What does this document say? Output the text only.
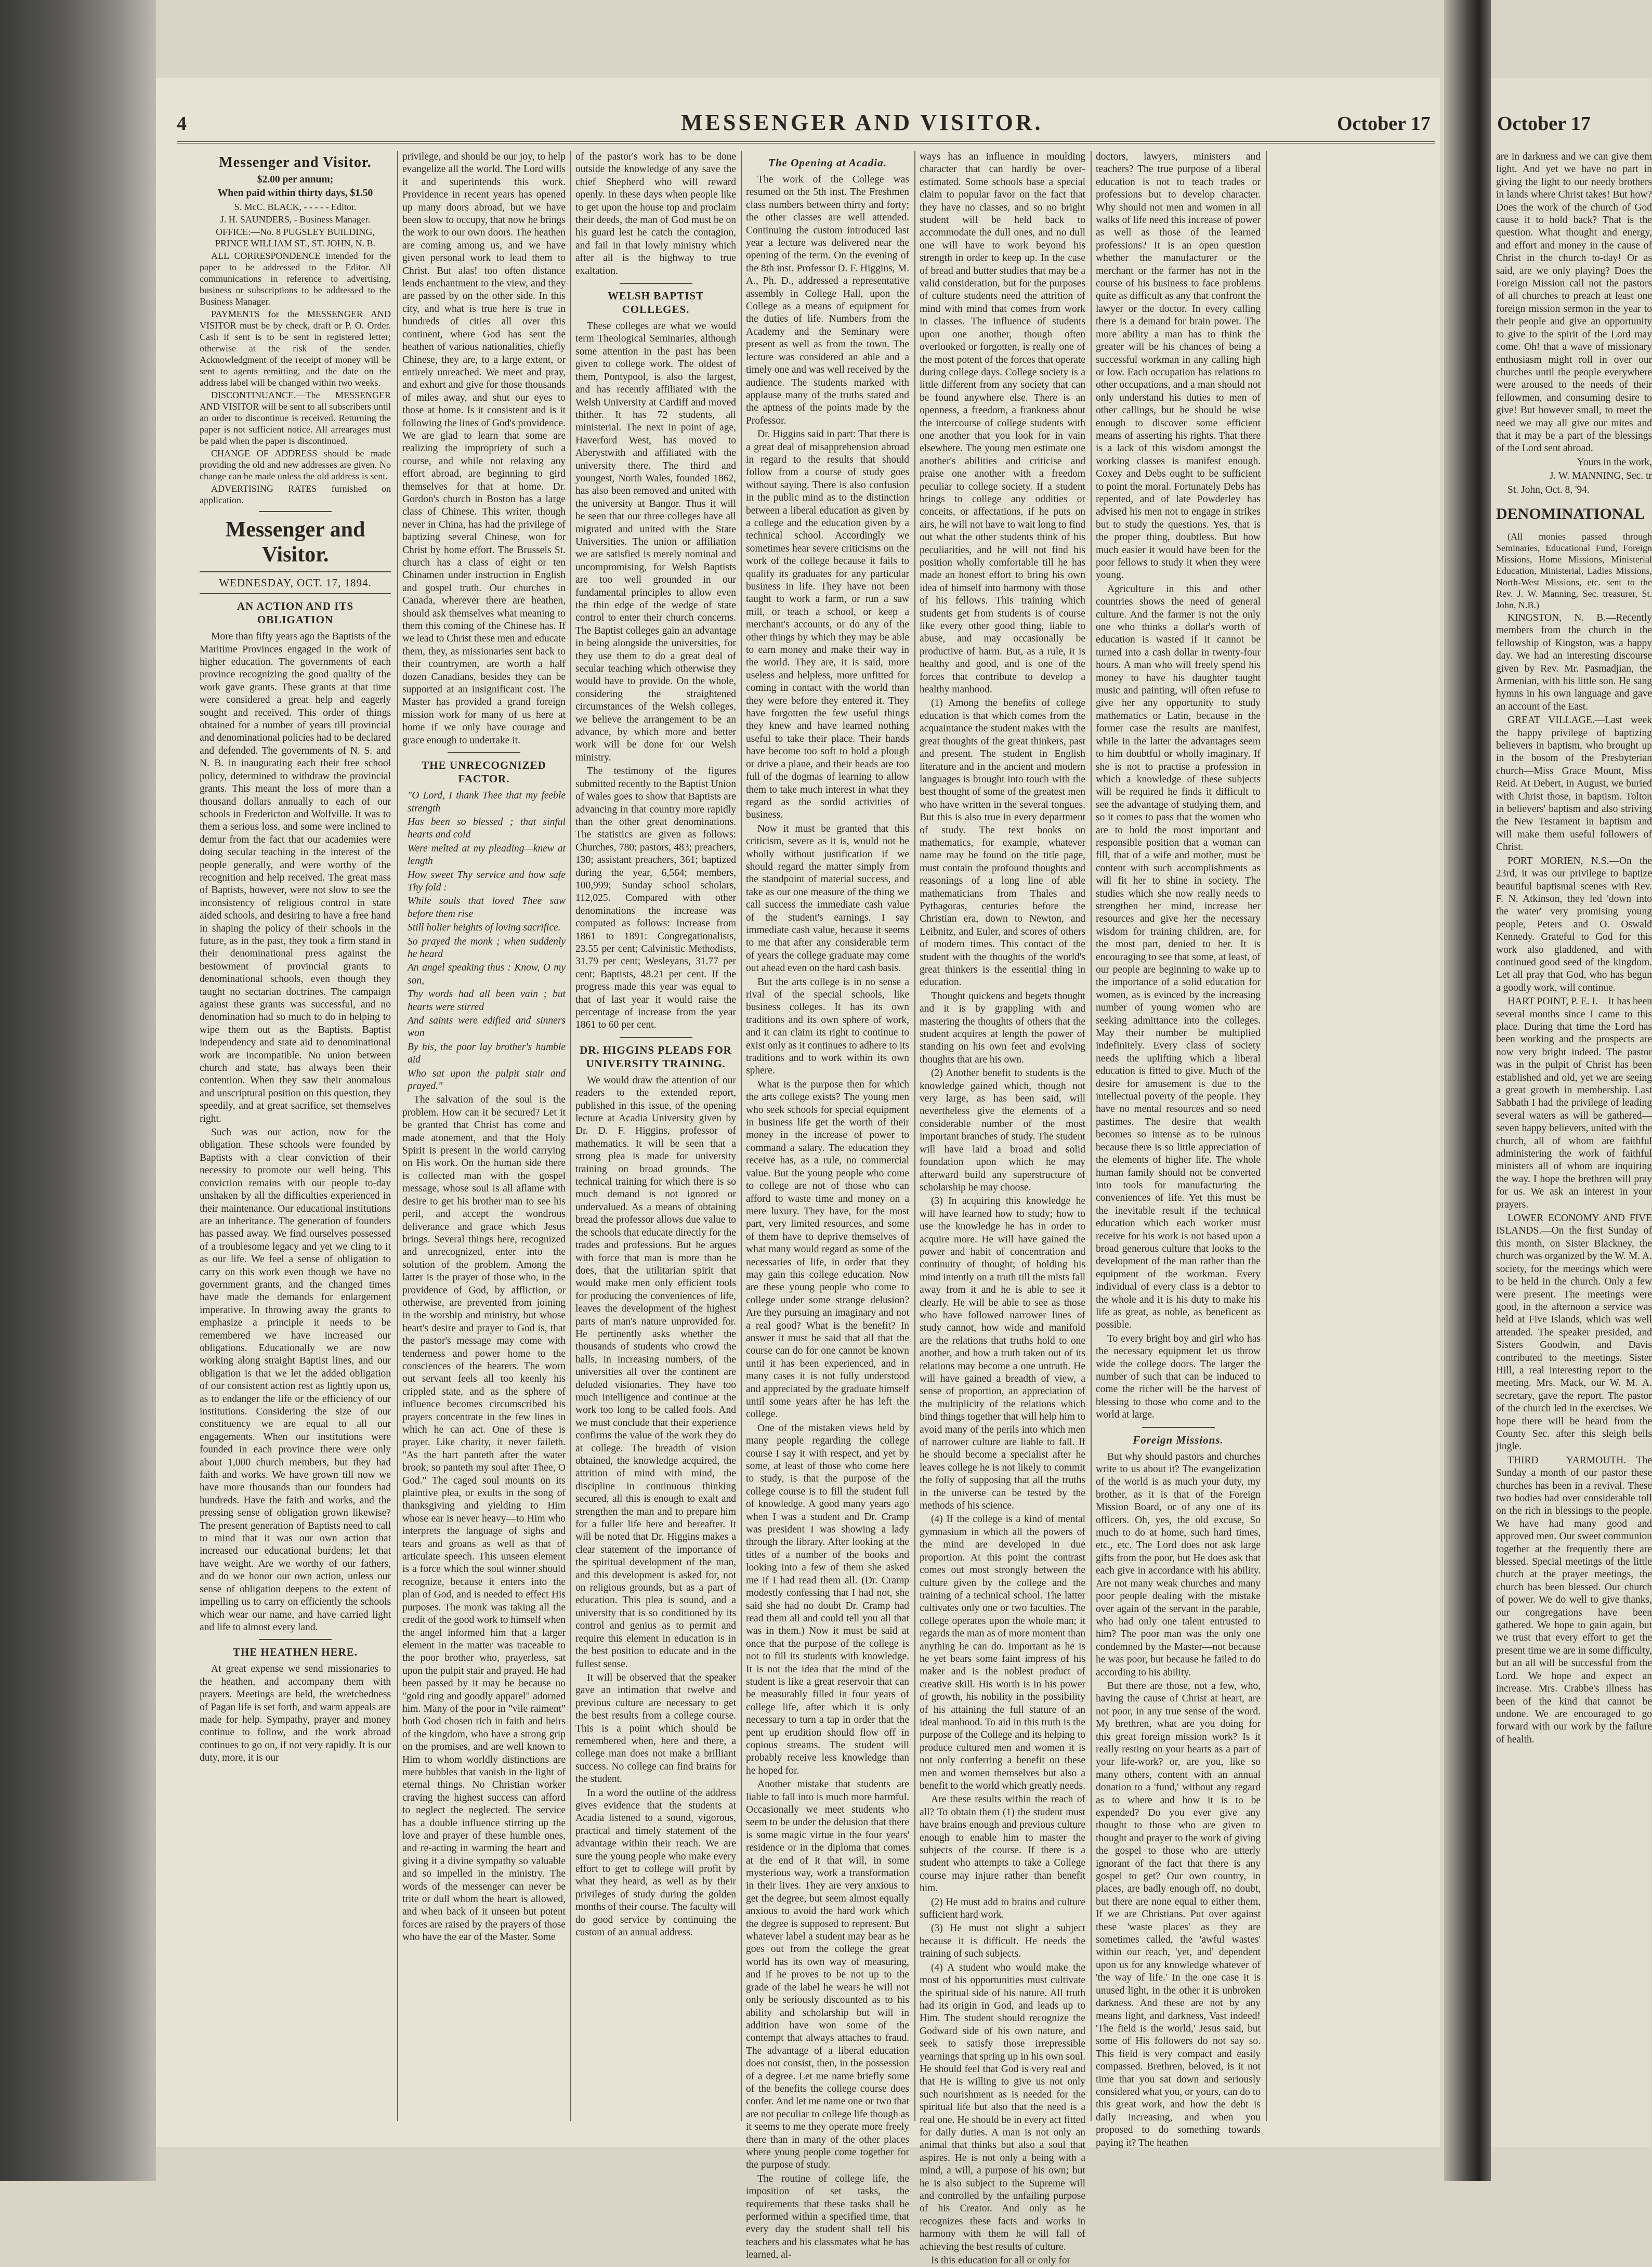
4	MESSENGER AND VISITOR.	October 17
Messenger and Visitor.

$2.00 per annum;

When paid within thirty days, $1.50

S. McC. BLACK, - - - - - Editor.

J. H. SAUNDERS, - Business Manager.

OFFICE:—No. 8 PUGSLEY BUILDING, PRINCE WILLIAM ST., ST. JOHN, N. B.

ALL CORRESPONDENCE intended for the paper to be addressed to the Editor. All communications in reference to advertising, business or subscriptions to be addressed to the Business Manager.

PAYMENTS for the MESSENGER AND VISITOR must be by check, draft or P. O. Order. Cash if sent is to be sent in registered letter; otherwise at the risk of the sender. Acknowledgment of the receipt of money will be sent to agents remitting, and the date on the address label will be changed within two weeks.

DISCONTINUANCE.—The MESSENGER AND VISITOR will be sent to all subscribers until an order to discontinue is received. Returning the paper is not sufficient notice. All arrearages must be paid when the paper is discontinued.

CHANGE OF ADDRESS should be made providing the old and new addresses are given. No change can be made unless the old address is sent.

ADVERTISING RATES furnished on application.

Messenger and Visitor.
WEDNESDAY, OCT. 17, 1894.
AN ACTION AND ITS OBLIGATION

More than fifty years ago the Baptists of the Maritime Provinces engaged in the work of higher education. The governments of each province recognizing the good quality of the work gave grants. These grants at that time were considered a great help and eagerly sought and received. This order of things obtained for a number of years till provincial and denominational policies had to be declared and defended. The governments of N. S. and N. B. in inaugurating each their free school policy, determined to withdraw the provincial grants. This meant the loss of more than a thousand dollars annually to each of our schools in Fredericton and Wolfville. It was to them a serious loss, and some were inclined to demur from the fact that our academies were doing secular teaching in the interest of the people generally, and were worthy of the recognition and help received. The great mass of Baptists, however, were not slow to see the inconsistency of religious control in state aided schools, and desiring to have a free hand in shaping the policy of their schools in the future, as in the past, they took a firm stand in their denominational press against the bestowment of provincial grants to denominational schools, even though they taught no sectarian doctrines. The campaign against these grants was successful, and no denomination had so much to do in helping to wipe them out as the Baptists. Baptist independency and state aid to denominational work are incompatible. No union between church and state, has always been their contention. When they saw their anomalous and unscriptural position on this question, they speedily, and at great sacrifice, set themselves right.

Such was our action, now for the obligation. These schools were founded by Baptists with a clear conviction of their necessity to promote our well being. This conviction remains with our people to-day unshaken by all the difficulties experienced in their maintenance. Our educational institutions are an inheritance. The generation of founders has passed away. We find ourselves possessed of a troublesome legacy and yet we cling to it as our life. We feel a sense of obligation to carry on this work even though we have no government grants, and the changed times have made the demands for enlargement imperative. In throwing away the grants to emphasize a principle it needs to be remembered we have increased our obligations. Educationally we are now working along straight Baptist lines, and our obligation is that we let the added obligation of our consistent action rest as lightly upon us, as to endanger the life or the efficiency of our institutions. Considering the size of our constituency we are equal to all our engagements. When our institutions were founded in each province there were only about 1,000 church members, but they had faith and works. We have grown till now we have more thousands than our founders had hundreds. Have the faith and works, and the pressing sense of obligation grown likewise? The present generation of Baptists need to call to mind that it was our own action that increased our educational burdens; let that have weight. Are we worthy of our fathers, and do we honor our own action, unless our sense of obligation deepens to the extent of impelling us to carry on efficiently the schools which wear our name, and have carried light and life to almost every land.

THE HEATHEN HERE.

At great expense we send missionaries to the heathen, and accompany them with prayers. Meetings are held, the wretchedness of Pagan life is set forth, and warm appeals are made for help. Sympathy, prayer and money continue to follow, and the work abroad continues to go on, if not very rapidly. It is our duty, more, it is our

privilege, and should be our joy, to help evangelize all the world. The Lord wills it and superintends this work. Providence in recent years has opened up many doors abroad, but we have been slow to occupy, that now he brings the work to our own doors. The heathen are coming among us, and we have given personal work to lead them to Christ. But alas! too often distance lends enchantment to the view, and they are passed by on the other side. In this city, and what is true here is true in hundreds of cities all over this continent, where God has sent the heathen of various nationalities, chiefly Chinese, they are, to a large extent, or entirely unreached. We meet and pray, and exhort and give for those thousands of miles away, and shut our eyes to those at home. Is it consistent and is it following the lines of God's providence. We are glad to learn that some are realizing the impropriety of such a course, and while not relaxing any effort abroad, are beginning to gird themselves for that at home. Dr. Gordon's church in Boston has a large class of Chinese. This writer, though never in China, has had the privilege of baptizing several Chinese, won for Christ by home effort. The Brussels St. church has a class of eight or ten Chinamen under instruction in English and gospel truth. Our churches in Canada, wherever there are heathen, should ask themselves what meaning to them this coming of the Chinese has. If we lead to Christ these men and educate them, they, as missionaries sent back to their countrymen, are worth a half dozen Canadians, besides they can be supported at an insignificant cost. The Master has provided a grand foreign mission work for many of us here at home if we only have courage and grace enough to undertake it.

THE UNRECOGNIZED FACTOR.

"O Lord, I thank Thee that my feeble strength

Has been so blessed ; that sinful hearts and cold

Were melted at my pleading—knew at length

How sweet Thy service and how safe Thy fold :

While souls that loved Thee saw before them rise

Still holier heights of loving sacrifice.

So prayed the monk ; when suddenly he heard

An angel speaking thus : Know, O my son,

Thy words had all been vain ; but hearts were stirred

And saints were edified and sinners won

By his, the poor lay brother's humble aid

Who sat upon the pulpit stair and prayed."

The salvation of the soul is the problem. How can it be secured? Let it be granted that Christ has come and made atonement, and that the Holy Spirit is present in the world carrying on His work. On the human side there is collected man with the gospel message, whose soul is all aflame with desire to get his brother man to see his peril, and accept the wondrous deliverance and grace which Jesus brings. Several things here, recognized and unrecognized, enter into the solution of the problem. Among the latter is the prayer of those who, in the providence of God, by affliction, or otherwise, are prevented from joining in the worship and ministry, but whose heart's desire and prayer to God is, that the pastor's message may come with tenderness and power home to the consciences of the hearers. The worn out servant feels all too keenly his crippled state, and as the sphere of influence becomes circumscribed his prayers concentrate in the few lines in which he can act. One of these is prayer. Like charity, it never faileth. "As the hart panteth after the water brook, so panteth my soul after Thee, O God." The caged soul mounts on its plaintive plea, or exults in the song of thanksgiving and yielding to Him whose ear is never heavy—to Him who interprets the language of sighs and tears and groans as well as that of articulate speech. This unseen element is a force which the soul winner should recognize, because it enters into the plan of God, and is needed to effect His purposes. The monk was taking all the credit of the good work to himself when the angel informed him that a larger element in the matter was traceable to the poor brother who, prayerless, sat upon the pulpit stair and prayed. He had been passed by it may be because no "gold ring and goodly apparel" adorned him. Many of the poor in "vile raiment" both God chosen rich in faith and heirs of the kingdom, who have a strong grip on the promises, and are well known to Him to whom worldly distinctions are mere bubbles that vanish in the light of eternal things. No Christian worker craving the highest success can afford to neglect the neglected. The service has a double influence stirring up the love and prayer of these humble ones, and re-acting in warming the heart and giving it a divine sympathy so valuable and so impelled in the ministry. The words of the messenger can never be trite or dull whom the heart is allowed, and when back of it unseen but potent forces are raised by the prayers of those who have the ear of the Master. Some

of the pastor's work has to be done outside the knowledge of any save the chief Shepherd who will reward openly. In these days when people like to get upon the house top and proclaim their deeds, the man of God must be on his guard lest he catch the contagion, and fail in that lowly ministry which after all is the highway to true exaltation.

WELSH BAPTIST COLLEGES.

These colleges are what we would term Theological Seminaries, although some attention in the past has been given to college work. The oldest of them, Pontypool, is also the largest, and has recently affiliated with the Welsh University at Cardiff and moved thither. It has 72 students, all ministerial. The next in point of age, Haverford West, has moved to Aberystwith and affiliated with the university there. The third and youngest, North Wales, founded 1862, has also been removed and united with the university at Bangor. Thus it will be seen that our three colleges have all migrated and united with the State Universities. The union or affiliation we are satisfied is merely nominal and uncompromising, for Welsh Baptists are too well grounded in our fundamental principles to allow even the thin edge of the wedge of state control to enter their church concerns. The Baptist colleges gain an advantage in being alongside the universities, for they use them to do a great deal of secular teaching which otherwise they would have to provide. On the whole, considering the straightened circumstances of the Welsh colleges, we believe the arrangement to be an advance, by which more and better work will be done for our Welsh ministry.

The testimony of the figures submitted recently to the Baptist Union of Wales goes to show that Baptists are advancing in that country more rapidly than the other great denominations. The statistics are given as follows: Churches, 780; pastors, 483; preachers, 130; assistant preachers, 361; baptized during the year, 6,564; members, 100,999; Sunday school scholars, 112,025. Compared with other denominations the increase was computed as follows: Increase from 1861 to 1891: Congregationalists, 23.55 per cent; Calvinistic Methodists, 31.79 per cent; Wesleyans, 31.77 per cent; Baptists, 48.21 per cent. If the progress made this year was equal to that of last year it would raise the percentage of increase from the year 1861 to 60 per cent.

DR. HIGGINS PLEADS FOR UNIVERSITY TRAINING.

We would draw the attention of our readers to the extended report, published in this issue, of the opening lecture at Acadia University given by Dr. D. F. Higgins, professor of mathematics. It will be seen that a strong plea is made for university training on broad grounds. The technical training for which there is so much demand is not ignored or undervalued. As a means of obtaining bread the professor allows due value to the schools that educate directly for the trades and professions. But he argues with force that man is more than he does, that the utilitarian spirit that would make men only efficient tools for producing the conveniences of life, leaves the development of the highest parts of man's nature unprovided for. He pertinently asks whether the thousands of students who crowd the halls, in increasing numbers, of the universities all over the continent are deluded visionaries. They have too much intelligence and continue at the work too long to be called fools. And we must conclude that their experience confirms the value of the work they do at college. The breadth of vision obtained, the knowledge acquired, the attrition of mind with mind, the discipline in continuous thinking secured, all this is enough to exalt and strengthen the man and to prepare him for a fuller life here and hereafter. It will be noted that Dr. Higgins makes a clear statement of the importance of the spiritual development of the man, and this development is asked for, not on religious grounds, but as a part of education. This plea is sound, and a university that is so conditioned by its control and genius as to permit and require this element in education is in the best position to educate and in the fullest sense.

It will be observed that the speaker gave an intimation that twelve and previous culture are necessary to get the best results from a college course. This is a point which should be remembered when, here and there, a college man does not make a brilliant success. No college can find brains for the student.

In a word the outline of the address gives evidence that the students at Acadia listened to a sound, vigorous, practical and timely statement of the advantage within their reach. We are sure the young people who make every effort to get to college will profit by what they heard, as well as by their privileges of study during the golden months of their course. The faculty will do good service by continuing the custom of an annual address.

The Opening at Acadia.

The work of the College was resumed on the 5th inst. The Freshmen class numbers between thirty and forty; the other classes are well attended. Continuing the custom introduced last year a lecture was delivered near the opening of the term. On the evening of the 8th inst. Professor D. F. Higgins, M. A., Ph. D., addressed a representative assembly in College Hall, upon the College as a means of equipment for the duties of life. Numbers from the Academy and the Seminary were present as well as from the town. The lecture was considered an able and a timely one and was well received by the audience. The students marked with applause many of the truths stated and the aptness of the points made by the Professor.

Dr. Higgins said in part: That there is a great deal of misapprehension abroad in regard to the results that should follow from a course of study goes without saying. There is also confusion in the public mind as to the distinction between a liberal education as given by a college and the education given by a technical school. Accordingly we sometimes hear severe criticisms on the work of the college because it fails to qualify its graduates for any particular business in life. They have not been taught to work a farm, or run a saw mill, or teach a school, or keep a merchant's accounts, or do any of the other things by which they may be able to earn money and make their way in the world. They are, it is said, more useless and helpless, more unfitted for coming in contact with the world than they were before they entered it. They have forgotten the few useful things they knew and have learned nothing useful to take their place. Their hands have become too soft to hold a plough or drive a plane, and their heads are too full of the dogmas of learning to allow them to take much interest in what they regard as the sordid activities of business.

Now it must be granted that this criticism, severe as it is, would not be wholly without justification if we should regard the matter simply from the standpoint of material success, and take as our one measure of the thing we call success the immediate cash value of the student's earnings. I say immediate cash value, because it seems to me that after any considerable term of years the college graduate may come out ahead even on the hard cash basis.

But the arts college is in no sense a rival of the special schools, like business colleges. It has its own traditions and its own sphere of work, and it can claim its right to continue to exist only as it continues to adhere to its traditions and to work within its own sphere.

What is the purpose then for which the arts college exists? The young men who seek schools for special equipment in business life get the worth of their money in the increase of power to command a salary. The education they receive has, as a rule, no commercial value. But the young people who come to college are not of those who can afford to waste time and money on a mere luxury. They have, for the most part, very limited resources, and some of them have to deprive themselves of what many would regard as some of the necessaries of life, in order that they may gain this college education. Now are these young people who come to college under some strange delusion? Are they pursuing an imaginary and not a real good? What is the benefit? In answer it must be said that all that the course can do for one cannot be known until it has been experienced, and in many cases it is not fully understood and appreciated by the graduate himself until some years after he has left the college.

One of the mistaken views held by many people regarding the college course I say it with respect, and yet by some, at least of those who come here to study, is that the purpose of the college course is to fill the student full of knowledge. A good many years ago when I was a student and Dr. Cramp was president I was showing a lady through the library. After looking at the titles of a number of the books and looking into a few of them she asked me if I had read them all. (Dr. Cramp modestly confessing that I had not, she said she had no doubt Dr. Cramp had read them all and could tell you all that was in them.) Now it must be said at once that the purpose of the college is not to fill its students with knowledge. It is not the idea that the mind of the student is like a great reservoir that can be measurably filled in four years of college life, after which it is only necessary to turn a tap in order that the pent up erudition should flow off in copious streams. The student will probably receive less knowledge than he hoped for.

Another mistake that students are liable to fall into is much more harmful. Occasionally we meet students who seem to be under the delusion that there is some magic virtue in the four years' residence or in the diploma that comes at the end of it that will, in some mysterious way, work a transformation in their lives. They are very anxious to get the degree, but seem almost equally anxious to avoid the hard work which the degree is supposed to represent. But whatever label a student may bear as he goes out from the college the great world has its own way of measuring, and if he proves to be not up to the grade of the label he wears he will not only be seriously discounted as to his ability and scholarship but will in addition have won some of the contempt that always attaches to fraud. The advantage of a liberal education does not consist, then, in the possession of a degree. Let me name briefly some of the benefits the college course does confer. And let me name one or two that are not peculiar to college life though as it seems to me they operate more freely there than in many of the other places where young people come together for the purpose of study.

The routine of college life, the imposition of set tasks, the requirements that these tasks shall be performed within a specified time, that every day the student shall tell his teachers and his classmates what he has learned, al-

ways has an influence in moulding character that can hardly be over-estimated. Some schools base a special claim to popular favor on the fact that they have no classes, and so no bright student will be held back to accommodate the dull ones, and no dull one will have to work beyond his strength in order to keep up. In the case of bread and butter studies that may be a valid consideration, but for the purposes of culture students need the attrition of mind with mind that comes from work in classes. The influence of students upon one another, though often overlooked or forgotten, is really one of the most potent of the forces that operate during college days. College society is a little different from any society that can be found anywhere else. There is an openness, a freedom, a frankness about the intercourse of college students with one another that you look for in vain elsewhere. The young men estimate one another's abilities and criticise and praise one another with a freedom peculiar to college society. If a student brings to college any oddities or conceits, or affectations, if he puts on airs, he will not have to wait long to find out what the other students think of his peculiarities, and he will not find his position wholly comfortable till he has made an honest effort to bring his own idea of himself into harmony with those of his fellows. This training which students get from students is of course like every other good thing, liable to abuse, and may occasionally be productive of harm. But, as a rule, it is healthy and good, and is one of the forces that contribute to develop a healthy manhood.

(1) Among the benefits of college education is that which comes from the acquaintance the student makes with the great thoughts of the great thinkers, past and present. The student in English literature and in the ancient and modern languages is brought into touch with the best thought of some of the greatest men who have written in the several tongues. But this is also true in every department of study. The text books on mathematics, for example, whatever name may be found on the title page, must contain the profound thoughts and reasonings of a long line of able mathematicians from Thales and Pythagoras, centuries before the Christian era, down to Newton, and Leibnitz, and Euler, and scores of others of modern times. This contact of the student with the thoughts of the world's great thinkers is the essential thing in education.

Thought quickens and begets thought and it is by grappling with and mastering the thoughts of others that the student acquires at length the power of standing on his own feet and evolving thoughts that are his own.

(2) Another benefit to students is the knowledge gained which, though not very large, as has been said, will nevertheless give the elements of a considerable number of the most important branches of study. The student will have laid a broad and solid foundation upon which he may afterward build any superstructure of scholarship he may choose.

(3) In acquiring this knowledge he will have learned how to study; how to use the knowledge he has in order to acquire more. He will have gained the power and habit of concentration and continuity of thought; of holding his mind intently on a truth till the mists fall away from it and he is able to see it clearly. He will be able to see as those who have followed narrower lines of study cannot, how wide and manifold are the relations that truths hold to one another, and how a truth taken out of its relations may become a one untruth. He will have gained a breadth of view, a sense of proportion, an appreciation of the multiplicity of the relations which bind things together that will help him to avoid many of the perils into which men of narrower culture are liable to fall. If he should become a specialist after he leaves college he is not likely to commit the folly of supposing that all the truths in the universe can be tested by the methods of his science.

(4) If the college is a kind of mental gymnasium in which all the powers of the mind are developed in due proportion. At this point the contrast comes out most strongly between the culture given by the college and the training of a technical school. The latter cultivates only one or two faculties. The college operates upon the whole man; it regards the man as of more moment than anything he can do. Important as he is he yet bears some faint impress of his maker and is the noblest product of creative skill. His worth is in his power of growth, his nobility in the possibility of his attaining the full stature of an ideal manhood. To aid in this truth is the purpose of the College and its helping to produce cultured men and women it is not only conferring a benefit on these men and women themselves but also a benefit to the world which greatly needs.

Are these results within the reach of all? To obtain them (1) the student must have brains enough and previous culture enough to enable him to master the subjects of the course. If there is a student who attempts to take a College course may injure rather than benefit him.

(2) He must add to brains and culture sufficient hard work.

(3) He must not slight a subject because it is difficult. He needs the training of such subjects.

(4) A student who would make the most of his opportunities must cultivate the spiritual side of his nature. All truth had its origin in God, and leads up to Him. The student should recognize the Godward side of his own nature, and seek to satisfy those irrepressible yearnings that spring up in his own soul. He should feel that God is very real and that He is willing to give us not only such nourishment as is needed for the spiritual life but also that the need is a real one. He should be in every act fitted for daily duties. A man is not only an animal that thinks but also a soul that aspires. He is not only a being with a mind, a will, a purpose of his own; but he is also subject to the Supreme will and controlled by the unfailing purpose of his Creator. And only as he recognizes these facts and works in harmony with them he will fall of achieving the best results of culture.

Is this education for all or only for

doctors, lawyers, ministers and teachers? The true purpose of a liberal education is not to teach trades or professions but to develop character. Why should not men and women in all walks of life need this increase of power as well as those of the learned professions? It is an open question whether the manufacturer or the merchant or the farmer has not in the course of his business to face problems quite as difficult as any that confront the lawyer or the doctor. In every calling there is a demand for brain power. The more ability a man has to think the greater will be his chances of being a successful workman in any calling high or low. Each occupation has relations to other occupations, and a man should not only understand his duties to men of other callings, but he should be wise enough to discover some efficient means of asserting his rights. That there is a lack of this wisdom amongst the working classes is manifest enough. Coxey and Debs ought to be sufficient to point the moral. Fortunately Debs has repented, and of late Powderley has advised his men not to engage in strikes but to study the questions. Yes, that is the proper thing, doubtless. But how much easier it would have been for the poor fellows to study it when they were young.

Agriculture in this and other countries shows the need of general culture. And the farmer is not the only one who thinks a dollar's worth of education is wasted if it cannot be turned into a cash dollar in twenty-four hours. A man who will freely spend his money to have his daughter taught music and painting, will often refuse to give her any opportunity to study mathematics or Latin, because in the former case the results are manifest, while in the latter the advantages seem to him doubtful or wholly imaginary. If she is not to practise a profession in which a knowledge of these subjects will be required he finds it difficult to see the advantage of studying them, and so it comes to pass that the women who are to hold the most important and responsible position that a woman can fill, that of a wife and mother, must be content with such accomplishments as will fit her to shine in society. The studies which she now really needs to strengthen her mind, increase her resources and give her the necessary wisdom for training children, are, for the most part, denied to her. It is encouraging to see that some, at least, of our people are beginning to wake up to the importance of a solid education for women, as is evinced by the increasing number of young women who are seeking admittance into the colleges. May their number be multiplied indefinitely. Every class of society needs the uplifting which a liberal education is fitted to give. Much of the desire for amusement is due to the intellectual poverty of the people. They have no mental resources and so need pastimes. The desire that wealth becomes so intense as to be ruinous because there is so little appreciation of the elements of higher life. The whole human family should not be converted into tools for manufacturing the conveniences of life. Yet this must be the inevitable result if the technical education which each worker must receive for his work is not based upon a broad generous culture that looks to the development of the man rather than the equipment of the workman. Every individual of every class is a debtor to the whole and it is his duty to make his life as great, as noble, as beneficent as possible.

To every bright boy and girl who has the necessary equipment let us throw wide the college doors. The larger the number of such that can be induced to come the richer will be the harvest of blessing to those who come and to the world at large.

Foreign Missions.

But why should pastors and churches write to us about it? The evangelization of the world is as much your duty, my brother, as it is that of the Foreign Mission Board, or of any one of its officers. Oh, yes, the old excuse, So much to do at home, such hard times, etc., etc. The Lord does not ask large gifts from the poor, but He does ask that each give in accordance with his ability. Are not many weak churches and many poor people dealing with the mistake over again of the servant in the parable, who had only one talent entrusted to him? The poor man was the only one condemned by the Master—not because he was poor, but because he failed to do according to his ability.

But there are those, not a few, who, having the cause of Christ at heart, are not poor, in any true sense of the word. My brethren, what are you doing for this great foreign mission work? Is it really resting on your hearts as a part of your life-work? or, are you, like so many others, content with an annual donation to a 'fund,' without any regard as to where and how it is to be expended? Do you ever give any thought to those who are given to thought and prayer to the work of giving the gospel to those who are utterly ignorant of the fact that there is any gospel to get? Our own country, in places, are badly enough off, no doubt, but there are none equal to either them, If we are Christians. Put over against these 'waste places' as they are sometimes called, the 'awful wastes' within our reach, 'yet, and' dependent upon us for any knowledge whatever of 'the way of life.' In the one case it is unused light, in the other it is unbroken darkness. And these are not by any means light, and darkness, Vast indeed! 'The field is the world,' Jesus said, but some of His followers do not say so. This field is very compact and easily compassed. Brethren, beloved, is it not time that you sat down and seriously considered what you, or yours, can do to this great work, and how the debt is daily increasing, and when you proposed to do something towards paying it? The heathen

October 17

are in darkness and we can give them light. And yet we have no part in giving the light to our needy brothers in lands where Christ takes! But how? Does the work of the church of God cause it to hold back? That is the question. What thought and energy, and effort and money in the cause of Christ in the church to-day! Or as said, are we only playing? Does the Foreign Mission call not the pastors of all churches to preach at least one foreign mission sermon in the year to their people and give an opportunity to give to the spirit of the Lord may come. Oh! that a wave of missionary enthusiasm might roll in over our churches until the people everywhere were aroused to the needs of their fellowmen, and consuming desire to give! But however small, to meet the need we may all give our mites and that it may be a part of the blessings of the Lord sent abroad.

Yours in the work,

J. W. MANNING, Sec. tr

St. John, Oct. 8, '94.

DENOMINATIONAL

(All monies passed through Seminaries, Educational Fund, Foreign Missions, Home Missions, Ministerial Education, Ministerial, Ladies Missions, North-West Missions, etc. sent to the Rev. J. W. Manning, Sec. treasurer, St. John, N.B.)

KINGSTON, N. B.—Recently members from the church in the fellowship of Kingston, was a happy day. We had an interesting discourse given by Rev. Mr. Pasmadjian, the Armenian, with his little son. He sang hymns in his own language and gave an account of the East.

GREAT VILLAGE.—Last week the happy privilege of baptizing believers in baptism, who brought up in the bosom of the Presbyterian church—Miss Grace Mount, Miss Reid. At Debert, in August, we buried with Christ those, in baptism. Tolton in believers' baptism and also striving the New Testament in baptism and will make them useful followers of Christ.

PORT MORIEN, N.S.—On the 23rd, it was our privilege to baptize beautiful baptismal scenes with Rev. F. N. Atkinson, they led 'down into the water' very promising young people, Peters and O. Oswald Kennedy. Grateful to God for this work also gladdened, and with continued good seed of the kingdom. Let all pray that God, who has begun a goodly work, will continue.

HART POINT, P. E. I.—It has been several months since I came to this place. During that time the Lord has been working and the prospects are now very bright indeed. The pastor was in the pulpit of Christ has been established and old, yet we are seeing a great growth in membership. Last Sabbath I had the privilege of leading several waters as will be gathered—seven happy believers, united with the church, all of whom are faithful administering the work of faithful ministers all of whom are inquiring the way. I hope the brethren will pray for us. We ask an interest in your prayers.

LOWER ECONOMY AND FIVE ISLANDS.—On the first Sunday of this month, on Sister Blackney, the church was organized by the W. M. A. society, for the meetings which were to be held in the church. Only a few were present. The meetings were good, in the afternoon a service was held at Five Islands, which was well attended. The speaker presided, and Sisters Goodwin, and Davis contributed to the meetings. Sister Hill, a real interesting report to the meeting. Mrs. Mack, our W. M. A. secretary, gave the report. The pastor of the church led in the exercises. We hope there will be heard from the County Sec. after this sleigh bells jingle.

THIRD YARMOUTH.—The Sunday a month of our pastor these churches has been in a revival. These two bodies had over considerable toll on the rich in blessings to the people. We have had many good and approved men. Our sweet communion together at the frequently there are blessed. Special meetings of the little church at the prayer meetings, the church has been blessed. Our church of power. We do well to give thanks, our congregations have been gathered. We hope to gain again, but we trust that every effort to get the present time we are in some difficulty, but an all will be successful from the Lord. We hope and expect an increase. Mrs. Crabbe's illness has been of the kind that cannot be undone. We are encouraged to go forward with our work by the failure of health.
